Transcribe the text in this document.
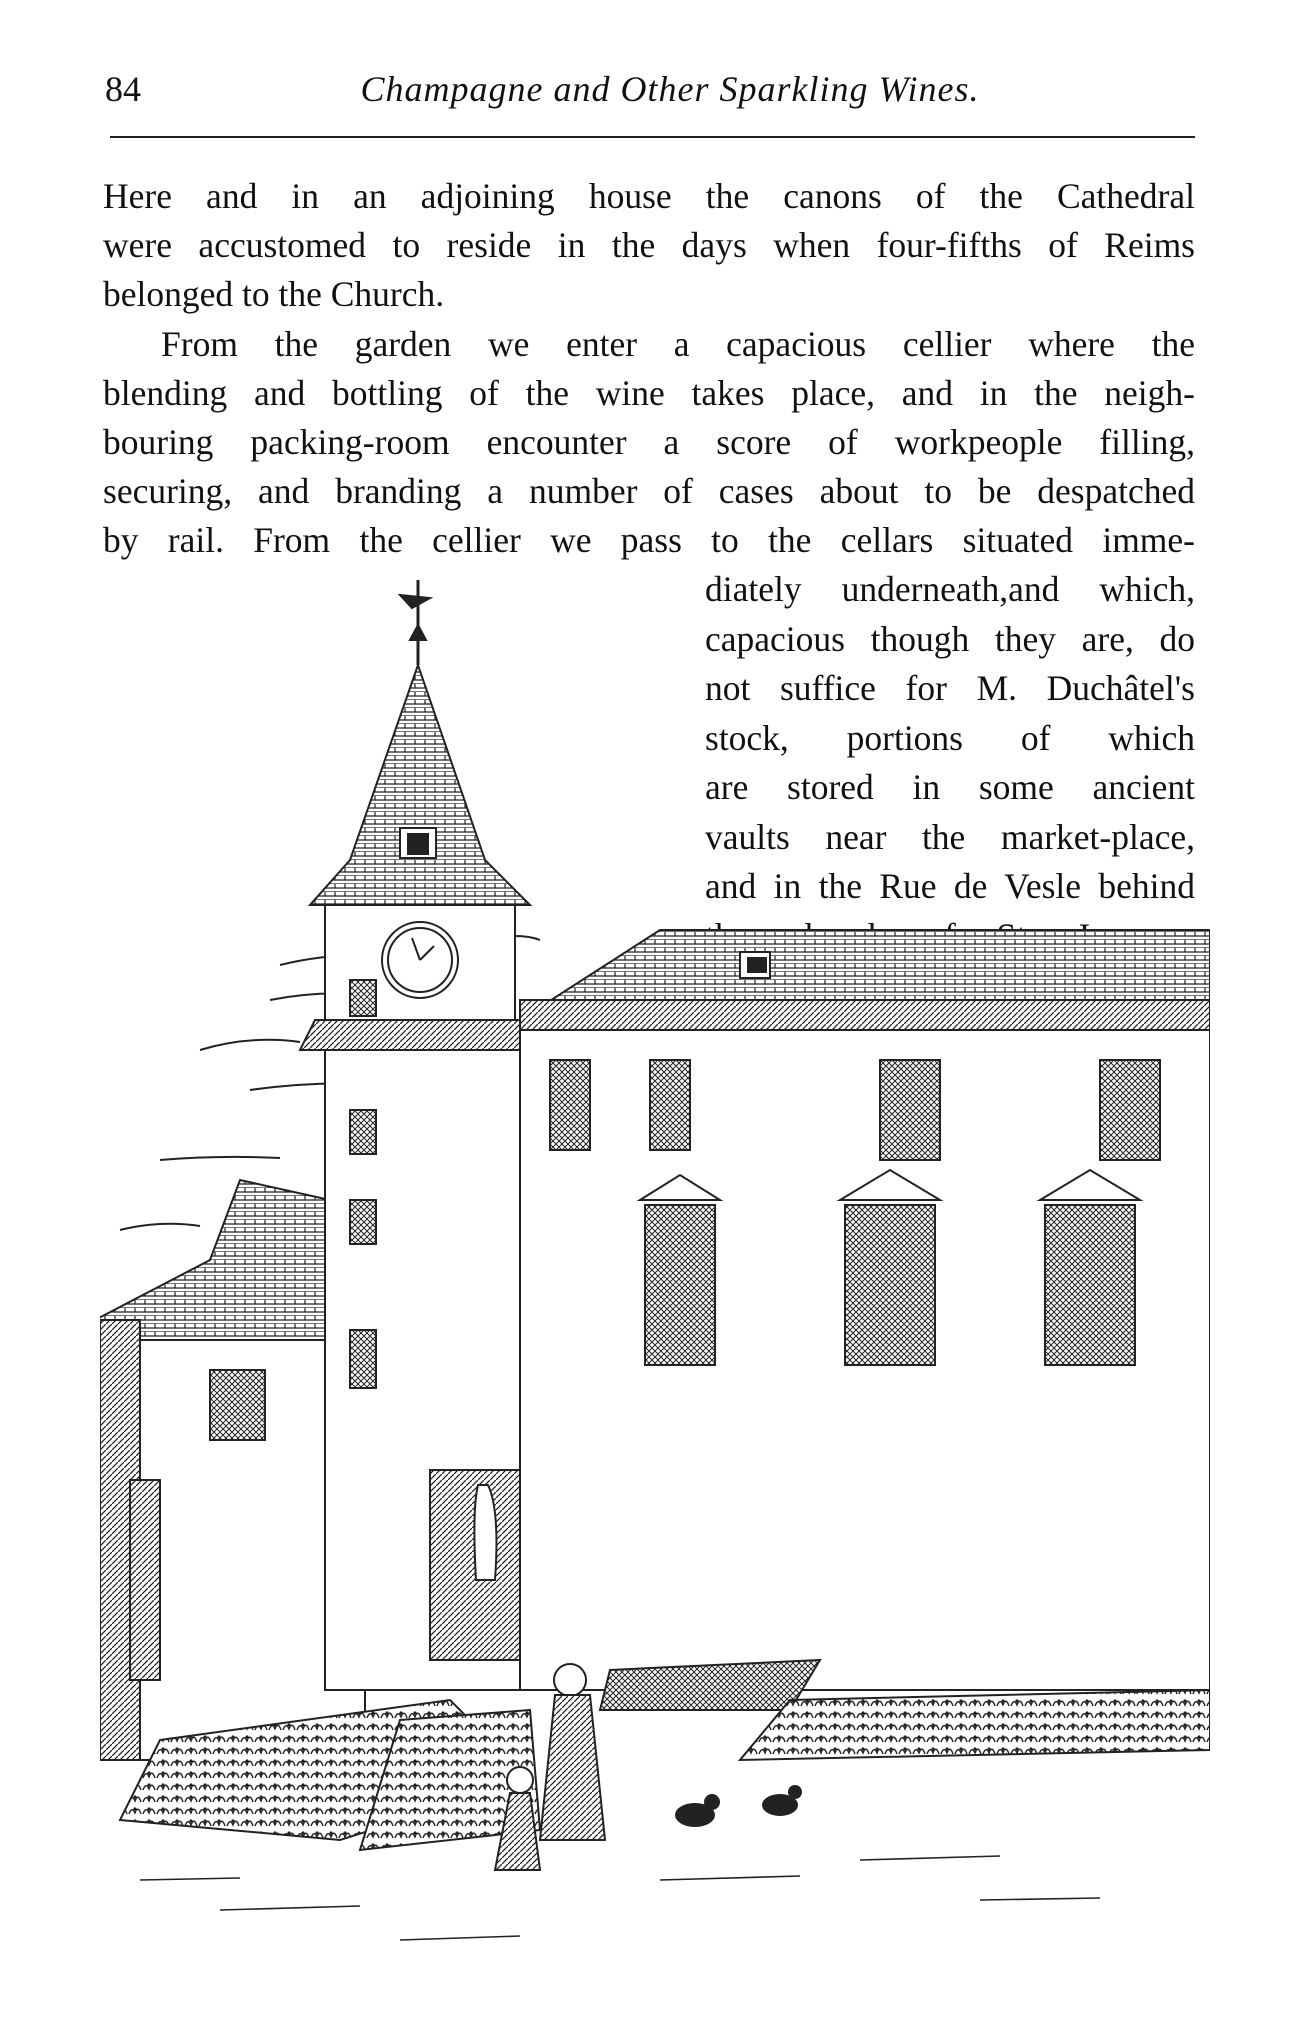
84	Champagne and Other Sparkling Wines.

Here and in an adjoining house the canons of the Cathedral
were accustomed to reside in the days when four-fifths of Reims
belonged to the Church.

From the garden we enter a capacious cellier where the
blending and bottling of the wine takes place, and in the neigh-
bouring packing-room encounter a score of workpeople filling,
securing, and branding a number of cases about to be despatched
by rail. From the cellier we pass to the cellars situated imme-

diately underneath,and which,
capacious though they are, do
not suffice for M. Duchâtel's
stock, portions of which
are stored in some ancient
vaults near the market-place,
and in the Rue de Vesle behind
